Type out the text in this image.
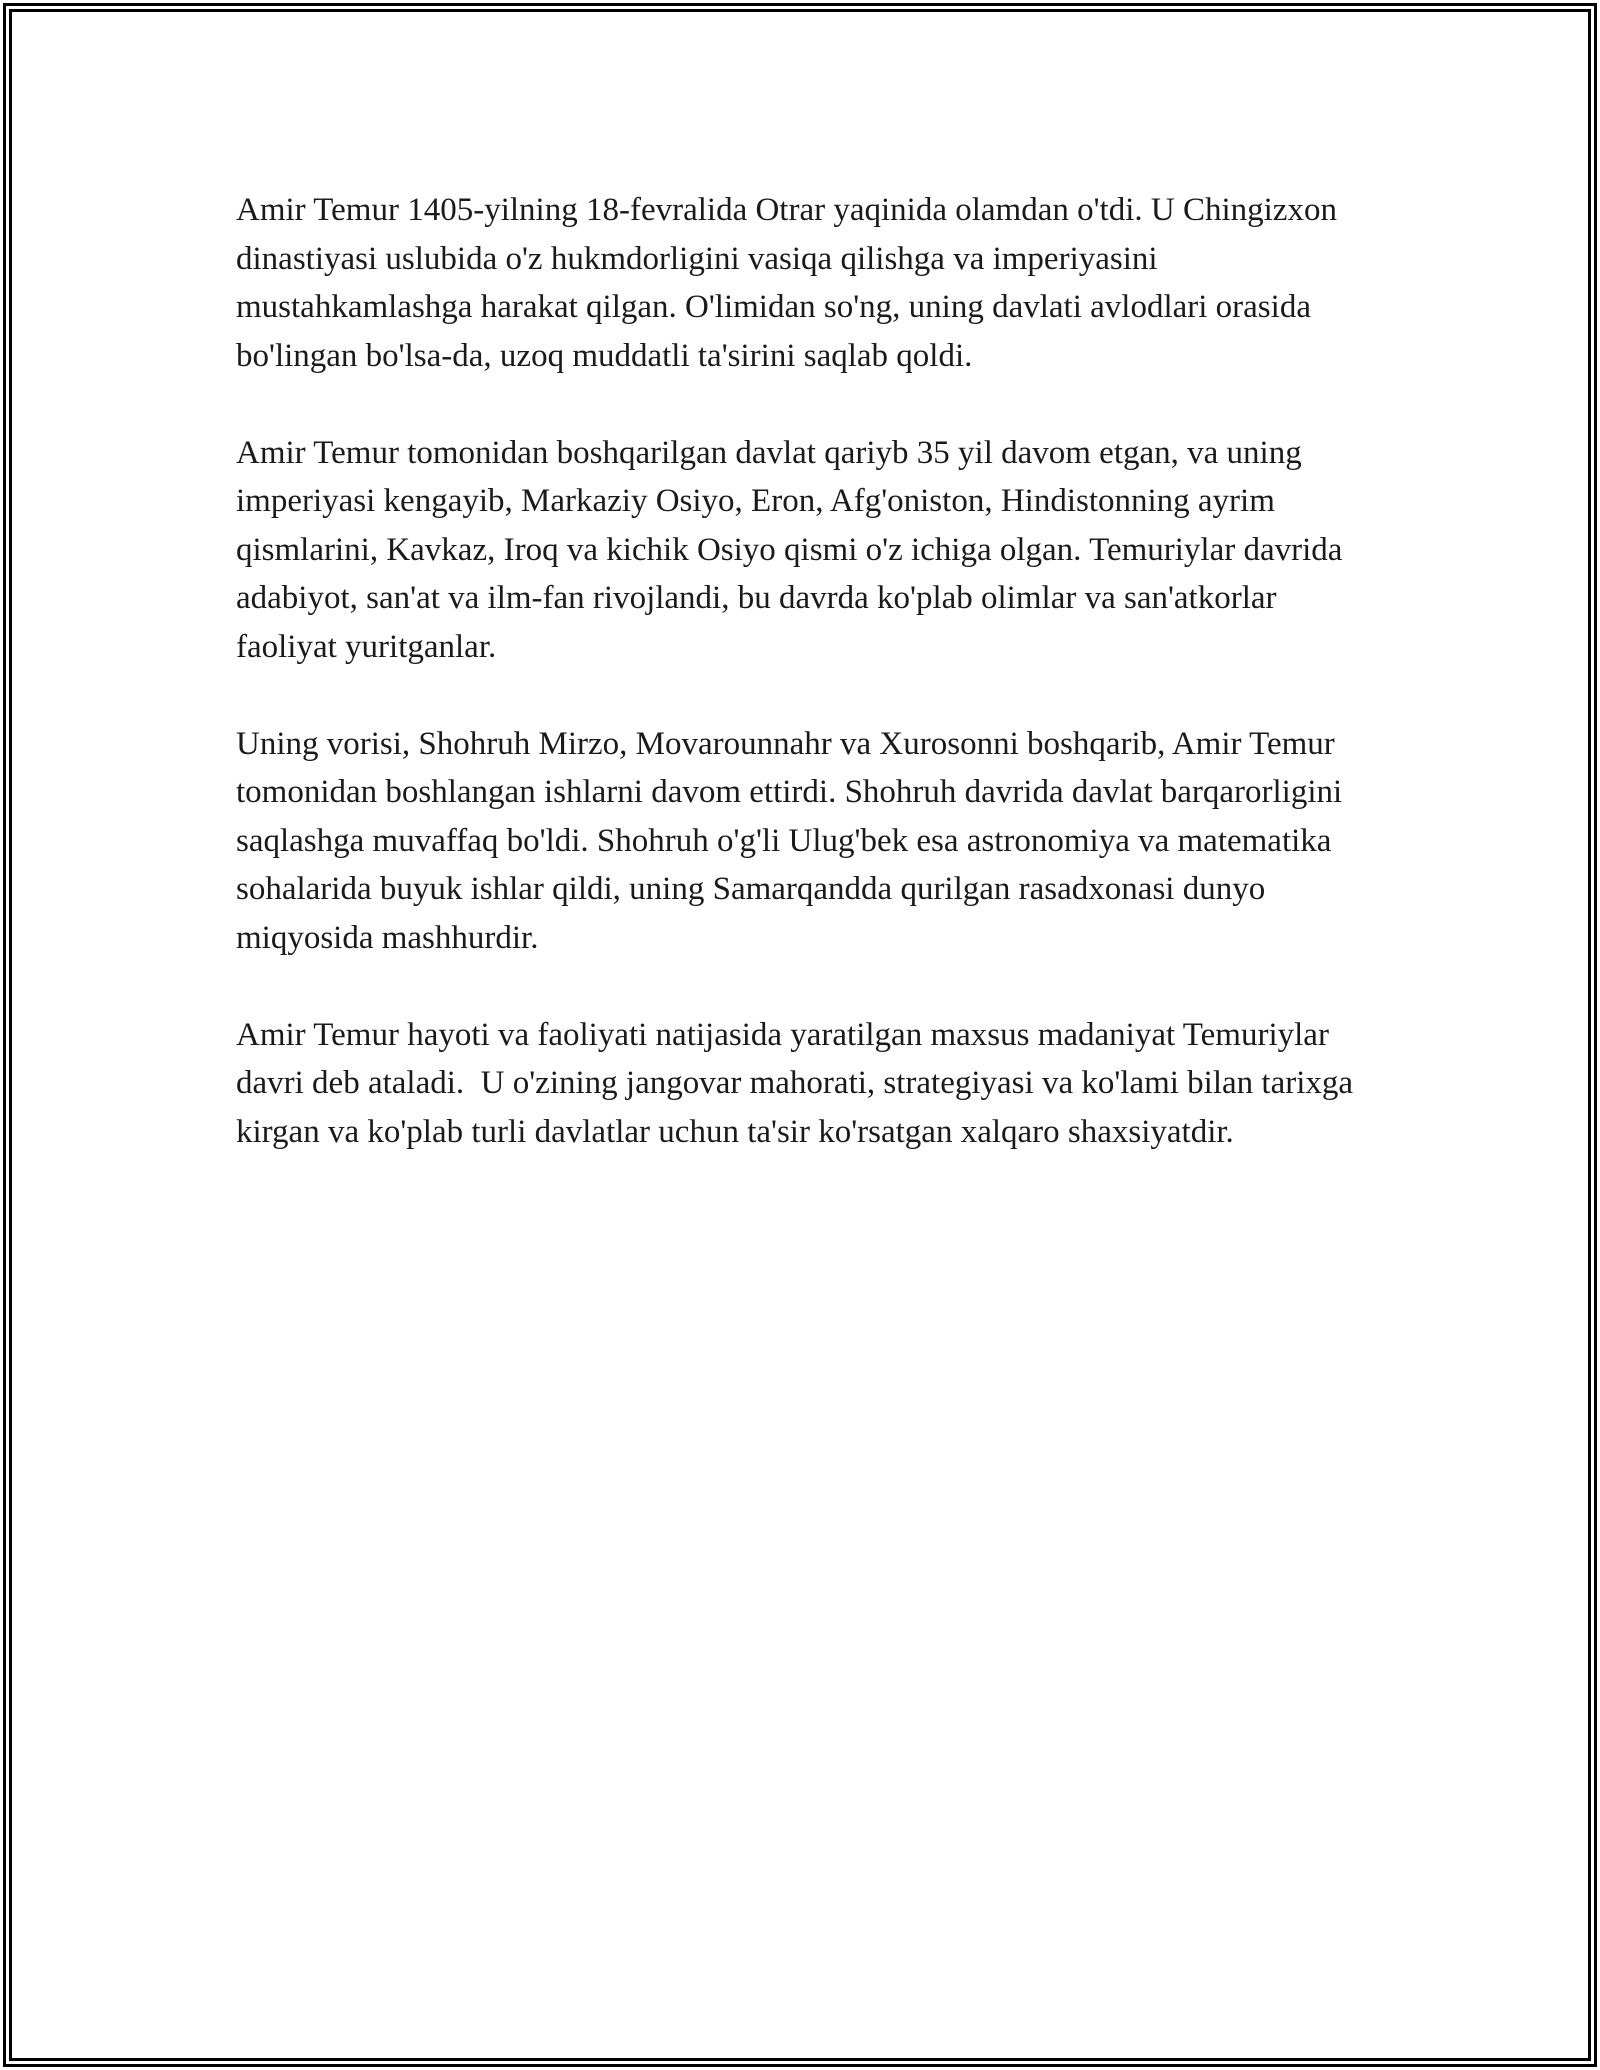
Amir Temur 1405-yilning 18-fevralida Otrar yaqinida olamdan o'tdi. U Chingizxon dinastiyasi uslubida o'z hukmdorligini vasiqa qilishga va imperiyasini mustahkamlashga harakat qilgan. O'limidan so'ng, uning davlati avlodlari orasida bo'lingan bo'lsa-da, uzoq muddatli ta'sirini saqlab qoldi.

Amir Temur tomonidan boshqarilgan davlat qariyb 35 yil davom etgan, va uning imperiyasi kengayib, Markaziy Osiyo, Eron, Afg'oniston, Hindistonning ayrim qismlarini, Kavkaz, Iroq va kichik Osiyo qismi o'z ichiga olgan. Temuriylar davrida adabiyot, san'at va ilm-fan rivojlandi, bu davrda ko'plab olimlar va san'atkorlar faoliyat yuritganlar.

Uning vorisi, Shohruh Mirzo, Movarounnahr va Xurosonni boshqarib, Amir Temur tomonidan boshlangan ishlarni davom ettirdi. Shohruh davrida davlat barqarorligini saqlashga muvaffaq bo'ldi. Shohruh o'g'li Ulug'bek esa astronomiya va matematika sohalarida buyuk ishlar qildi, uning Samarqandda qurilgan rasadxonasi dunyo miqyosida mashhurdir.

Amir Temur hayoti va faoliyati natijasida yaratilgan maxsus madaniyat Temuriylar davri deb ataladi.  U o'zining jangovar mahorati, strategiyasi va ko'lami bilan tarixga kirgan va ko'plab turli davlatlar uchun ta'sir ko'rsatgan xalqaro shaxsiyatdir.
